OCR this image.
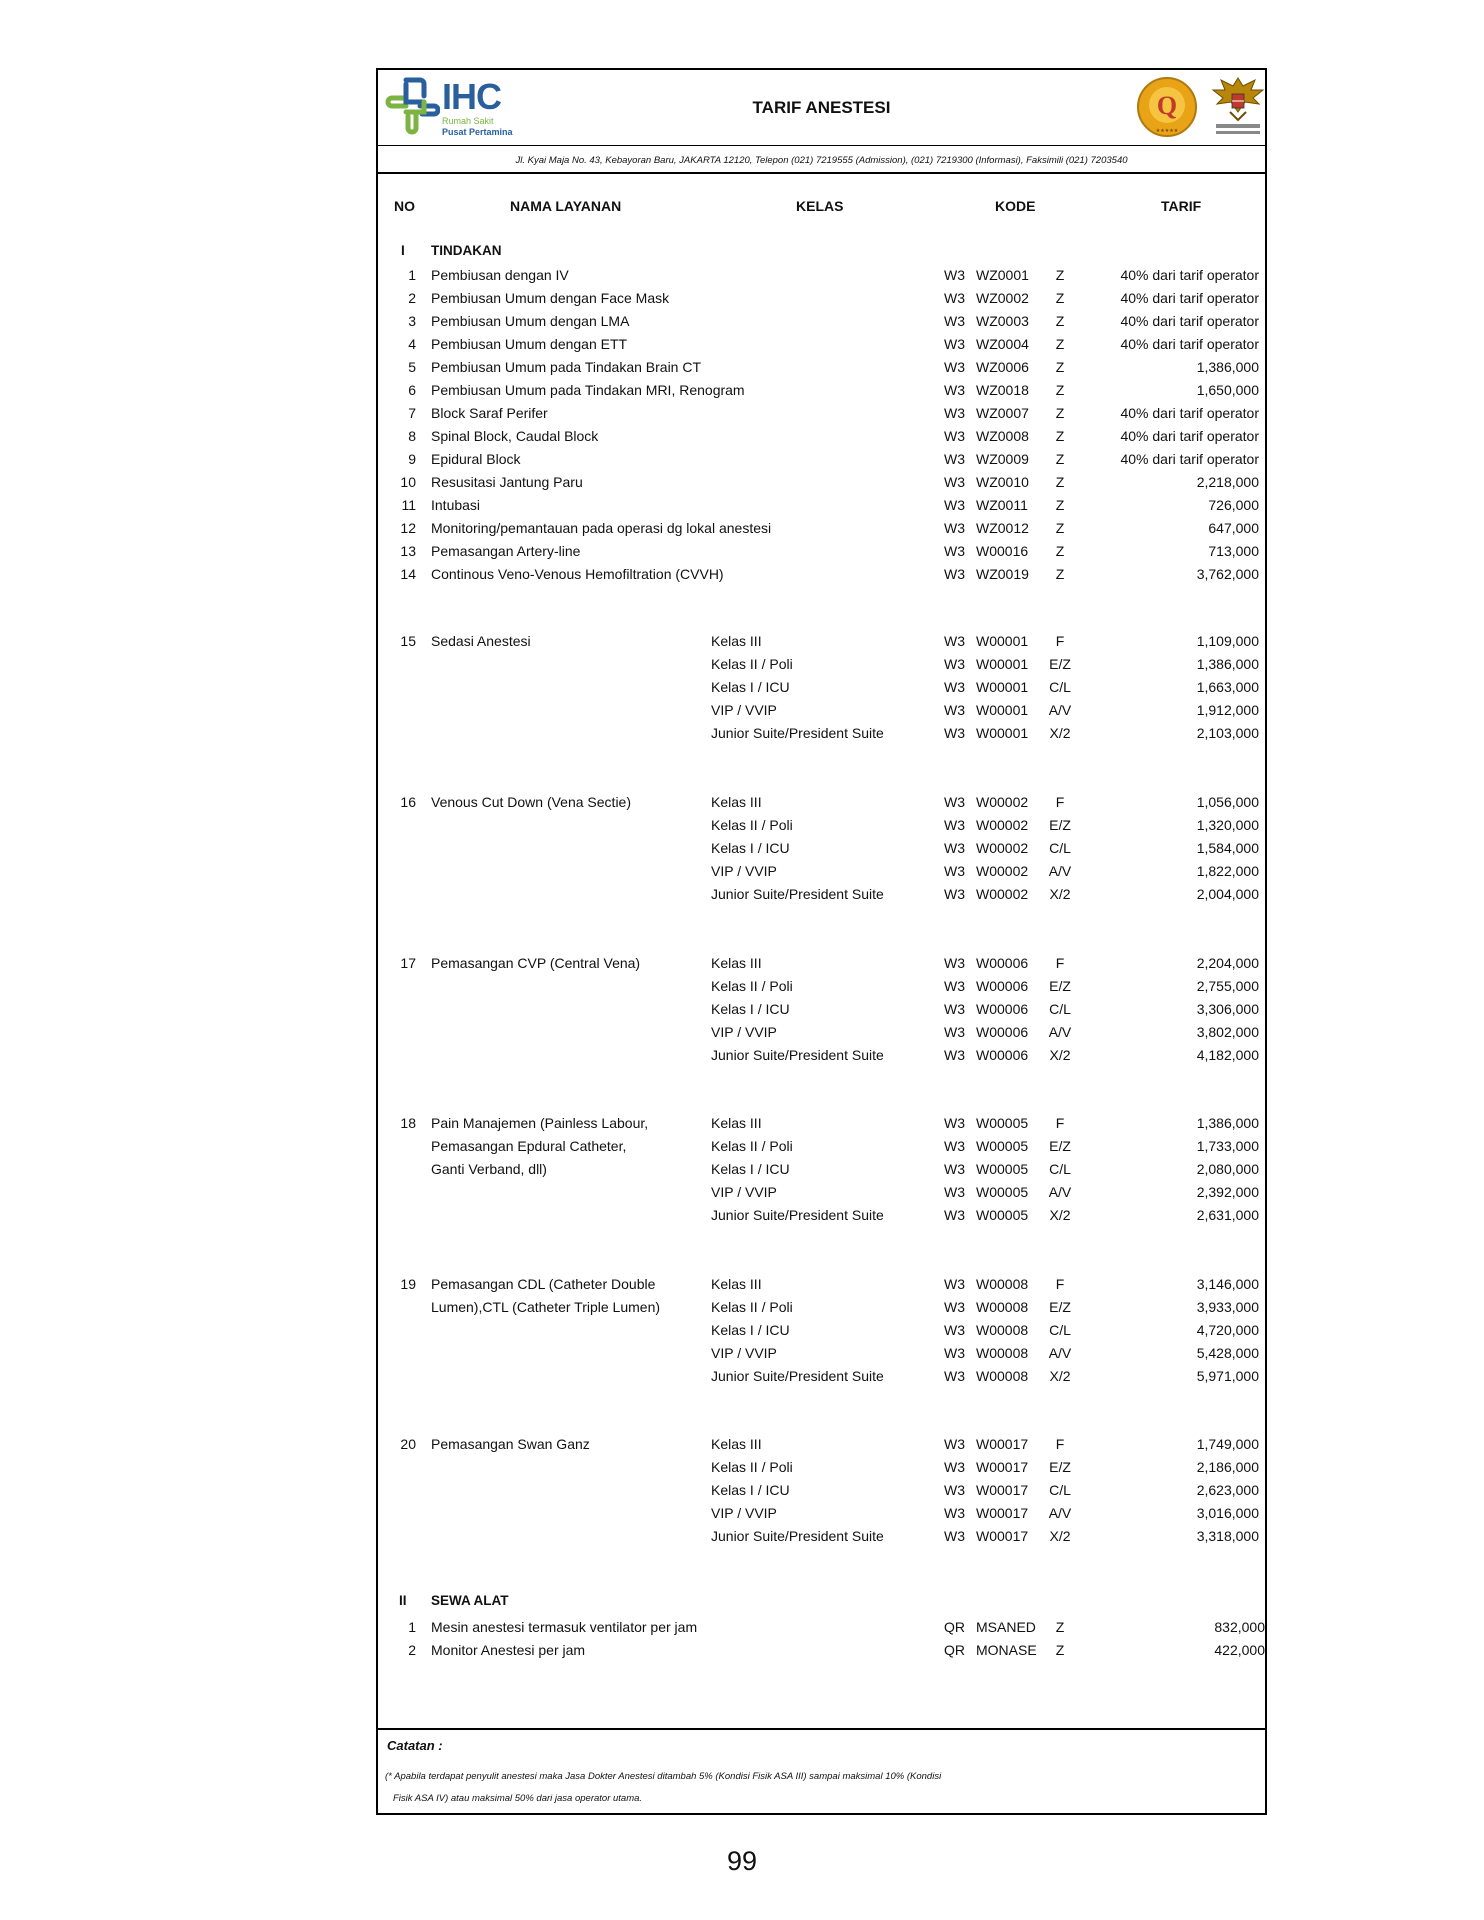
IHC
Rumah Sakit
Pusat Pertamina
TARIF ANESTESI	Q
★★★★★
Jl. Kyai Maja No. 43, Kebayoran Baru, JAKARTA 12120, Telepon (021) 7219555 (Admission), (021) 7219300 (Informasi), Faksimili (021) 7203540
NO	NAMA LAYANAN	KELAS	KODE	TARIF
I TINDAKAN
1 Pembiusan dengan IV	W3 WZ0001	Z	40% dari tarif operator
2 Pembiusan Umum dengan Face Mask	W3 WZ0002	Z	40% dari tarif operator
3 Pembiusan Umum dengan LMA	W3 WZ0003	Z	40% dari tarif operator
4 Pembiusan Umum dengan ETT	W3 WZ0004	Z	40% dari tarif operator
5 Pembiusan Umum pada Tindakan Brain CT	W3 WZ0006	Z	1,386,000
6 Pembiusan Umum pada Tindakan MRI, Renogram	W3 WZ0018	Z	1,650,000
7 Block Saraf Perifer	W3 WZ0007	Z	40% dari tarif operator
8 Spinal Block, Caudal Block	W3 WZ0008	Z	40% dari tarif operator
9 Epidural Block	W3 WZ0009	Z	40% dari tarif operator
10 Resusitasi Jantung Paru	W3 WZ0010	Z	2,218,000
11 Intubasi	W3 WZ0011	Z	726,000
12 Monitoring/pemantauan pada operasi dg lokal anestesi	W3 WZ0012	Z	647,000
13 Pemasangan Artery-line	W3 W00016	Z	713,000
14 Continous Veno-Venous Hemofiltration (CVVH)	W3 WZ0019	Z	3,762,000
15 Sedasi Anestesi	Kelas III	W3 W00001	F	1,109,000
Kelas II / Poli	W3 W00001	E/Z	1,386,000
Kelas I / ICU	W3 W00001	C/L	1,663,000
VIP / VVIP	W3 W00001	A/V	1,912,000
Junior Suite/President Suite	W3 W00001	X/2	2,103,000
16 Venous Cut Down (Vena Sectie)	Kelas III	W3 W00002	F	1,056,000
Kelas II / Poli	W3 W00002	E/Z	1,320,000
Kelas I / ICU	W3 W00002	C/L	1,584,000
VIP / VVIP	W3 W00002	A/V	1,822,000
Junior Suite/President Suite	W3 W00002	X/2	2,004,000
17 Pemasangan CVP (Central Vena)	Kelas III	W3 W00006	F	2,204,000
Kelas II / Poli	W3 W00006	E/Z	2,755,000
Kelas I / ICU	W3 W00006	C/L	3,306,000
VIP / VVIP	W3 W00006	A/V	3,802,000
Junior Suite/President Suite	W3 W00006	X/2	4,182,000
18 Pain Manajemen (Painless Labour,	Kelas III	W3 W00005	F	1,386,000
Pemasangan Epdural Catheter,	Kelas II / Poli	W3 W00005	E/Z	1,733,000
Ganti Verband, dll)	Kelas I / ICU	W3 W00005	C/L	2,080,000
VIP / VVIP	W3 W00005	A/V	2,392,000
Junior Suite/President Suite	W3 W00005	X/2	2,631,000
19 Pemasangan CDL (Catheter Double	Kelas III	W3 W00008	F	3,146,000
Lumen),CTL (Catheter Triple Lumen)	Kelas II / Poli	W3 W00008	E/Z	3,933,000
Kelas I / ICU	W3 W00008	C/L	4,720,000
VIP / VVIP	W3 W00008	A/V	5,428,000
Junior Suite/President Suite	W3 W00008	X/2	5,971,000
20 Pemasangan Swan Ganz	Kelas III	W3 W00017	F	1,749,000
Kelas II / Poli	W3 W00017	E/Z	2,186,000
Kelas I / ICU	W3 W00017	C/L	2,623,000
VIP / VVIP	W3 W00017	A/V	3,016,000
Junior Suite/President Suite	W3 W00017	X/2	3,318,000
II SEWA ALAT
1 Mesin anestesi termasuk ventilator per jam	QR MSANED	Z	832,000
2 Monitor Anestesi per jam	QR MONASE	Z	422,000
Catatan :
(* Apabila terdapat penyulit anestesi maka Jasa Dokter Anestesi ditambah 5% (Kondisi Fisik ASA III) sampai maksimal 10% (Kondisi
Fisik ASA IV) atau maksimal 50% dari jasa operator utama.
99
